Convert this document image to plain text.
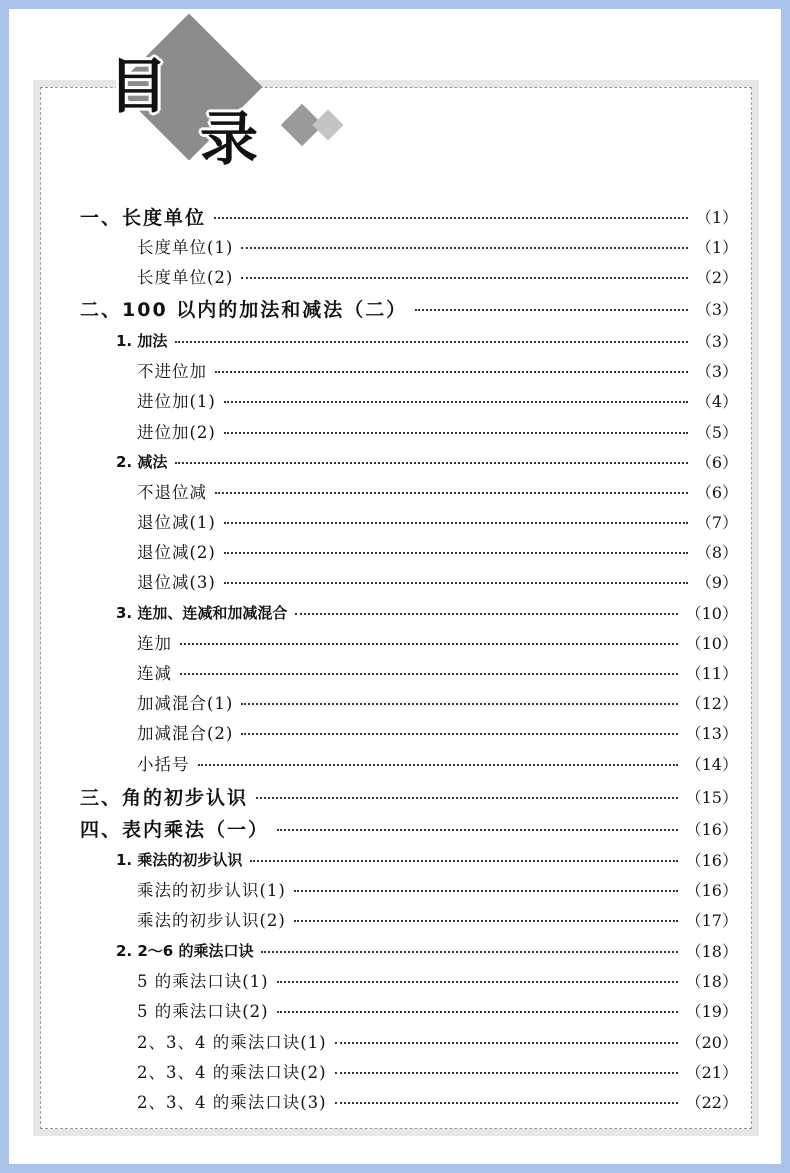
目
录
一、长度单位	（1）
长度单位(1)	（1）
长度单位(2)	（2）
二、100 以内的加法和减法（二）	（3）
1. 加法	（3）
不进位加	（3）
进位加(1)	（4）
进位加(2)	（5）
2. 减法	（6）
不退位减	（6）
退位减(1)	（7）
退位减(2)	（8）
退位减(3)	（9）
3. 连加、连减和加减混合	（10）
连加	（10）
连减	（11）
加减混合(1)	（12）
加减混合(2)	（13）
小括号	（14）
三、角的初步认识	（15）
四、表内乘法（一）	（16）
1. 乘法的初步认识	（16）
乘法的初步认识(1)	（16）
乘法的初步认识(2)	（17）
2. 2～6 的乘法口诀	（18）
5 的乘法口诀(1)	（18）
5 的乘法口诀(2)	（19）
2、3、4 的乘法口诀(1)	（20）
2、3、4 的乘法口诀(2)	（21）
2、3、4 的乘法口诀(3)	（22）
